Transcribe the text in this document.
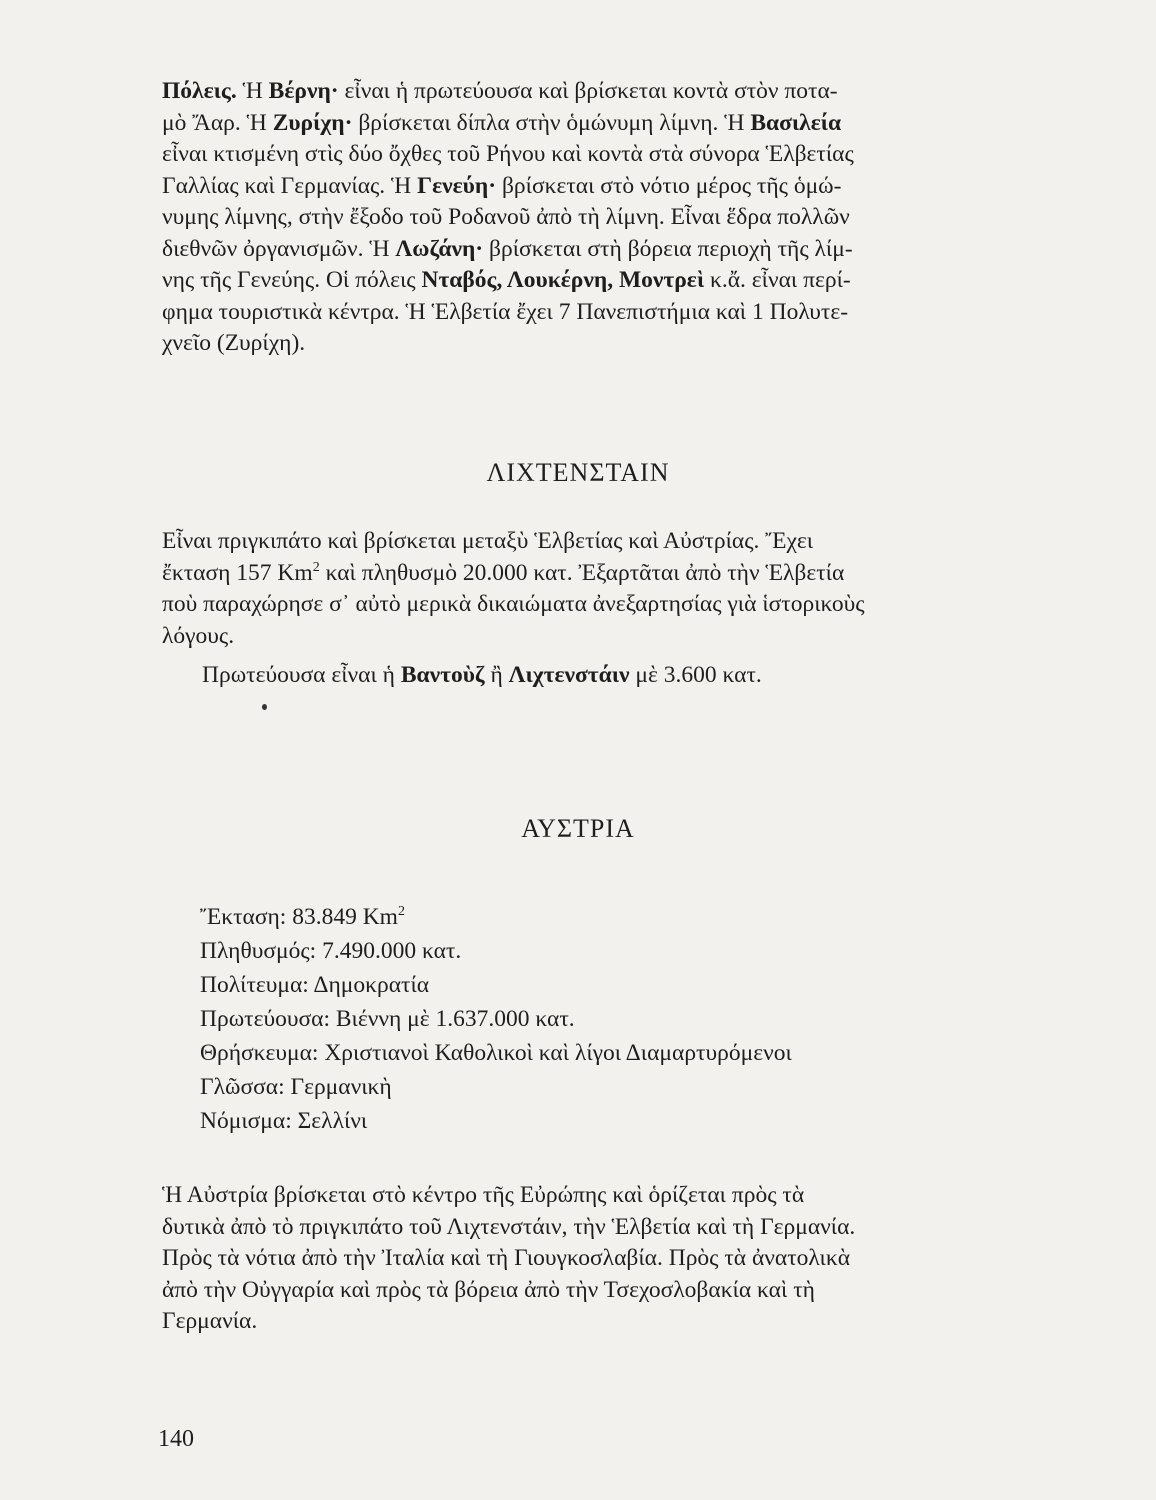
Πόλεις. Ἡ Βέρνη· εἶναι ἡ πρωτεύουσα καὶ βρίσκεται κοντὰ στὸν ποτα-
μὸ Ἄαρ. Ἡ Ζυρίχη· βρίσκεται δίπλα στὴν ὁμώνυμη λίμνη. Ἡ Βασιλεία
εἶναι κτισμένη στὶς δύο ὄχθες τοῦ Ρήνου καὶ κοντὰ στὰ σύνορα Ἑλβετίας
Γαλλίας καὶ Γερμανίας. Ἡ Γενεύη· βρίσκεται στὸ νότιο μέρος τῆς ὁμώ-
νυμης λίμνης, στὴν ἔξοδο τοῦ Ροδανοῦ ἀπὸ τὴ λίμνη. Εἶναι ἕδρα πολλῶν
διεθνῶν ὀργανισμῶν. Ἡ Λωζάνη· βρίσκεται στὴ βόρεια περιοχὴ τῆς λίμ-
νης τῆς Γενεύης. Οἱ πόλεις Νταβός, Λουκέρνη, Μοντρεὶ κ.ἄ. εἶναι περί-
φημα τουριστικὰ κέντρα. Ἡ Ἑλβετία ἔχει 7 Πανεπιστήμια καὶ 1 Πολυτε-
χνεῖο (Ζυρίχη).

ΛΙΧΤΕΝΣΤΑΙΝ

Εἶναι πριγκιπάτο καὶ βρίσκεται μεταξὺ Ἑλβετίας καὶ Αὐστρίας. Ἔχει
ἔκταση 157 Km$^2$ καὶ πληθυσμὸ 20.000 κατ. Ἐξαρτᾶται ἀπὸ τὴν Ἑλβετία
ποὺ παραχώρησε σ᾽ αὐτὸ μερικὰ δικαιώματα ἀνεξαρτησίας γιὰ ἱστορικοὺς
λόγους.

Πρωτεύουσα εἶναι ἡ Βαντοὺζ ἢ Λιχτενστάιν μὲ 3.600 κατ.

ΑΥΣΤΡΙΑ
Ἔκταση: 83.849 Km$^2$
Πληθυσμός: 7.490.000 κατ.
Πολίτευμα: Δημοκρατία
Πρωτεύουσα: Βιέννη μὲ 1.637.000 κατ.
Θρήσκευμα: Χριστιανοὶ Καθολικοὶ καὶ λίγοι Διαμαρτυρόμενοι
Γλῶσσα: Γερμανικὴ
Νόμισμα: Σελλίνι

Ἡ Αὐστρία βρίσκεται στὸ κέντρο τῆς Εὐρώπης καὶ ὁρίζεται πρὸς τὰ
δυτικὰ ἀπὸ τὸ πριγκιπάτο τοῦ Λιχτενστάιν, τὴν Ἑλβετία καὶ τὴ Γερμανία.
Πρὸς τὰ νότια ἀπὸ τὴν Ἰταλία καὶ τὴ Γιουγκοσλαβία. Πρὸς τὰ ἀνατολικὰ
ἀπὸ τὴν Οὐγγαρία καὶ πρὸς τὰ βόρεια ἀπὸ τὴν Τσεχοσλοβακία καὶ τὴ
Γερμανία.

140
